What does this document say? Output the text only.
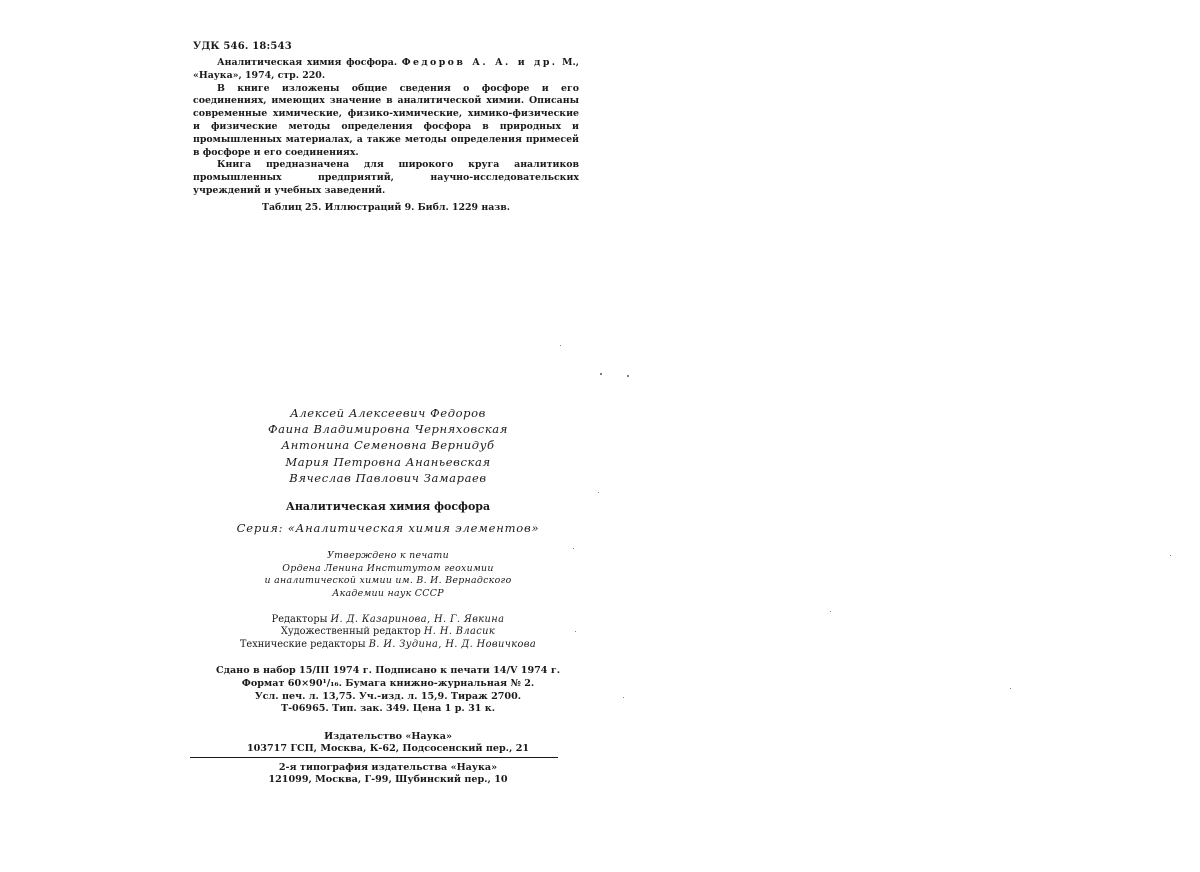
УДК 546. 18:543

Аналитическая химия фосфора. Федоров А. А. и др. М., «Наука», 1974, стр. 220.

В книге изложены общие сведения о фосфоре и его соединениях, имеющих значение в аналитической химии. Описаны современные химические, физико-химические, химико-физические и физические методы определения фосфора в природных и промышленных материалах, а также методы определения примесей в фосфоре и его соединениях.

Книга предназначена для широкого круга аналитиков промышленных предприятий, научно-исследовательских учреждений и учебных заведений.

Таблиц 25. Иллюстраций 9. Библ. 1229 назв.
Алексей Алексеевич Федоров
Фаина Владимировна Черняховская
Антонина Семеновна Вернидуб
Мария Петровна Ананьевская
Вячеслав Павлович Замараев
Аналитическая химия фосфора
Серия: «Аналитическая химия элементов»
Утверждено к печати
Ордена Ленина Институтом геохимии
и аналитической химии им. В. И. Вернадского
Академии наук СССР
Редакторы И. Д. Казаринова, Н. Г. Явкина
Художественный редактор Н. Н. Власик
Технические редакторы В. И. Зудина, Н. Д. Новичкова
Сдано в набор 15/III 1974 г. Подписано к печати 14/V 1974 г.
Формат 60×90¹/₁₆. Бумага книжно-журнальная № 2.
Усл. печ. л. 13,75. Уч.-изд. л. 15,9. Тираж 2700.
Т-06965. Тип. зак. 349. Цена 1 р. 31 к.
Издательство «Наука»
103717 ГСП, Москва, К-62, Подсосенский пер., 21
2-я типография издательства «Наука»
121099, Москва, Г-99, Шубинский пер., 10
